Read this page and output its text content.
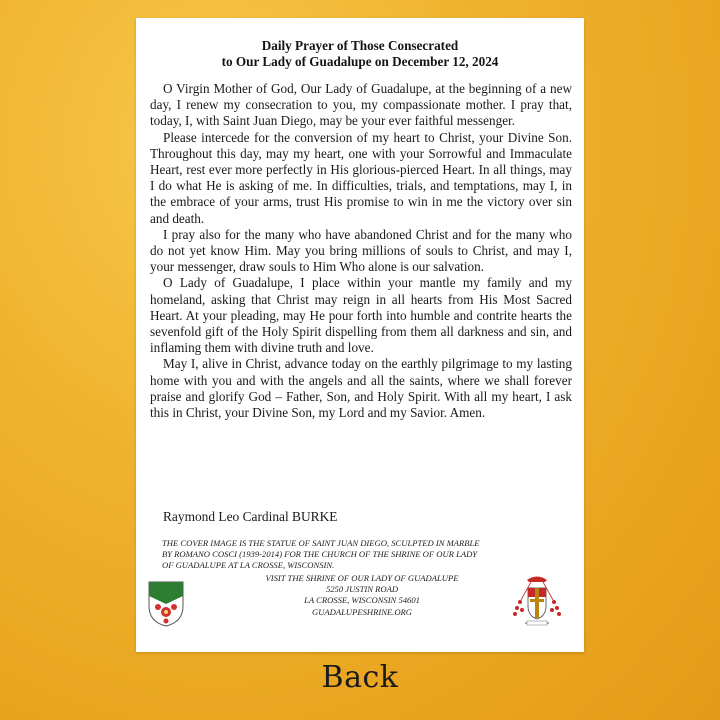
Daily Prayer of Those Consecrated
to Our Lady of Guadalupe on December 12, 2024

O Virgin Mother of God, Our Lady of Guadalupe, at the beginning of a new day, I renew my consecration to you, my compassionate mother. I pray that, today, I, with Saint Juan Diego, may be your ever faithful messenger.

Please intercede for the conversion of my heart to Christ, your Divine Son. Throughout this day, may my heart, one with your Sorrowful and Immaculate Heart, rest ever more perfectly in His glorious-pierced Heart. In all things, may I do what He is asking of me. In difficulties, trials, and temptations, may I, in the embrace of your arms, trust His promise to win in me the victory over sin and death.

I pray also for the many who have abandoned Christ and for the many who do not yet know Him. May you bring millions of souls to Christ, and may I, your messenger, draw souls to Him Who alone is our salvation.

O Lady of Guadalupe, I place within your mantle my family and my homeland, asking that Christ may reign in all hearts from His Most Sacred Heart. At your pleading, may He pour forth into humble and contrite hearts the sevenfold gift of the Holy Spirit dispelling from them all darkness and sin, and inflaming them with divine truth and love.

May I, alive in Christ, advance today on the earthly pilgrimage to my lasting home with you and with the angels and all the saints, where we shall forever praise and glorify God – Father, Son, and Holy Spirit. With all my heart, I ask this in Christ, your Divine Son, my Lord and my Savior. Amen.

Raymond Leo Cardinal BURKE
THE COVER IMAGE IS THE STATUE OF SAINT JUAN DIEGO, SCULPTED IN MARBLE
BY ROMANO COSCI (1939-2014) FOR THE CHURCH OF THE SHRINE OF OUR LADY
OF GUADALUPE AT LA CROSSE, WISCONSIN.
VISIT THE SHRINE OF OUR LADY OF GUADALUPE
5250 JUSTIN ROAD
LA CROSSE, WISCONSIN 54601
GUADALUPESHRINE.ORG
Back
